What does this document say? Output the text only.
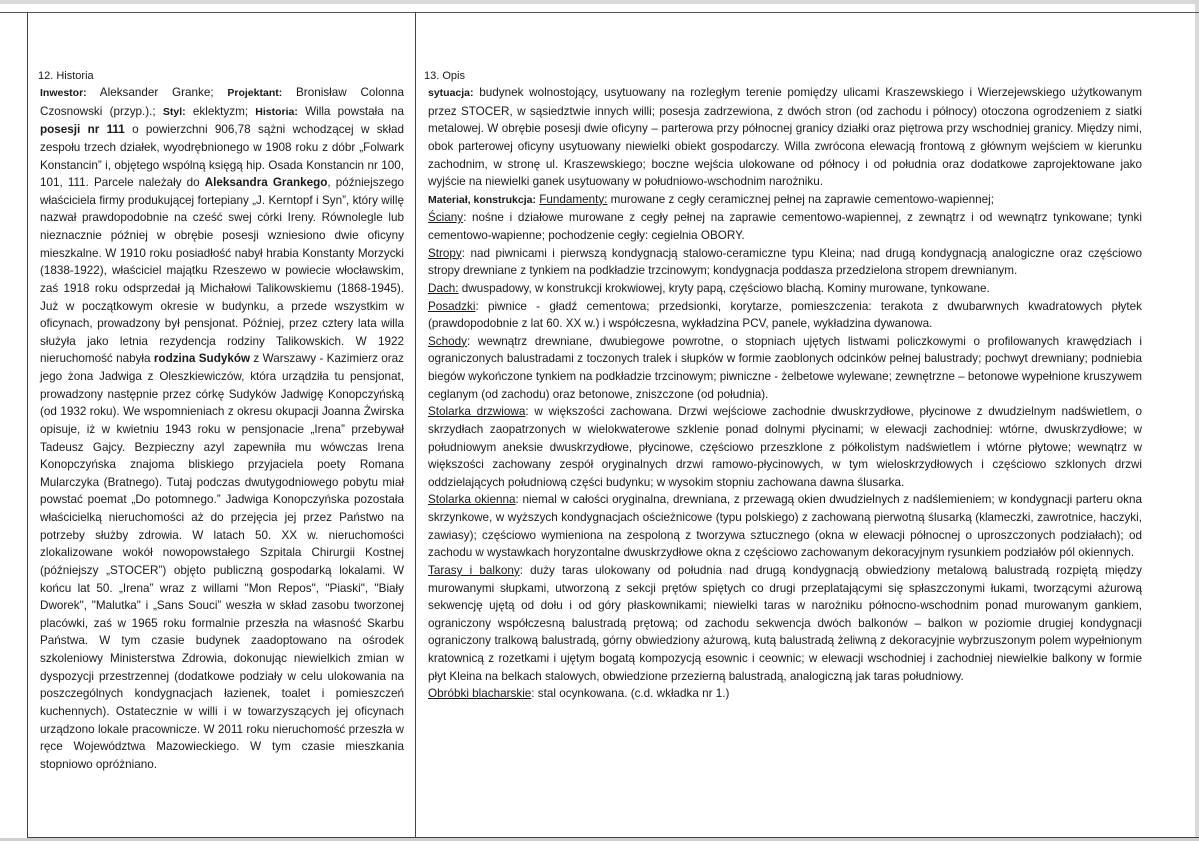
12. Historia

Inwestor: Aleksander Granke; Projektant: Bronisław Colonna Czosnowski (przyp.).; Styl: eklektyzm; Historia: Willa powstała na posesji nr 111 o powierzchni 906,78 sążni wchodzącej w skład zespołu trzech działek, wyodrębnionego w 1908 roku z dóbr „Folwark Konstancin” i, objętego wspólną księgą hip. Osada Konstancin nr 100, 101, 111. Parcele należały do Aleksandra Grankego, późniejszego właściciela firmy produkującej fortepiany „J. Kerntopf i Syn”, który willę nazwał prawdopodobnie na cześć swej córki Ireny. Równolegle lub nieznacznie później w obrębie posesji wzniesiono dwie oficyny mieszkalne. W 1910 roku posiadłość nabył hrabia Konstanty Morzycki (1838-1922), właściciel majątku Rzeszewo w powiecie włocławskim, zaś 1918 roku odsprzedał ją Michałowi Talikowskiemu (1868-1945). Już w początkowym okresie w budynku, a przede wszystkim w oficynach, prowadzony był pensjonat. Później, przez cztery lata willa służyła jako letnia rezydencja rodziny Talikowskich. W 1922 nieruchomość nabyła rodzina Sudyków z Warszawy - Kazimierz oraz jego żona Jadwiga z Oleszkiewiczów, która urządziła tu pensjonat, prowadzony następnie przez córkę Sudyków Jadwigę Konopczyńską (od 1932 roku). We wspomnieniach z okresu okupacji Joanna Żwirska opisuje, iż w kwietniu 1943 roku w pensjonacie „Irena” przebywał Tadeusz Gajcy. Bezpieczny azyl zapewniła mu wówczas Irena Konopczyńska znajoma bliskiego przyjaciela poety Romana Mularczyka (Bratnego). Tutaj podczas dwutygodniowego pobytu miał powstać poemat „Do potomnego.” Jadwiga Konopczyńska pozostała właścicielką nieruchomości aż do przejęcia jej przez Państwo na potrzeby służby zdrowia. W latach 50. XX w. nieruchomości zlokalizowane wokół nowopowstałego Szpitala Chirurgii Kostnej (późniejszy „STOCER”) objęto publiczną gospodarką lokalami. W końcu lat 50. „Irena” wraz z willami "Mon Repos", "Piaski", "Biały Dworek", "Malutka" i „Sans Souci” weszła w skład zasobu tworzonej placówki, zaś w 1965 roku formalnie przeszła na własność Skarbu Państwa. W tym czasie budynek zaadoptowano na ośrodek szkoleniowy Ministerstwa Zdrowia, dokonując niewielkich zmian w dyspozycji przestrzennej (dodatkowe podziały w celu ulokowania na poszczególnych kondygnacjach łazienek, toalet i pomieszczeń kuchennych). Ostatecznie w willi i w towarzyszących jej oficynach urządzono lokale pracownicze. W 2011 roku nieruchomość przeszła w ręce Województwa Mazowieckiego. W tym czasie mieszkania stopniowo opróżniano.

13. Opis

sytuacja: budynek wolnostojący, usytuowany na rozległym terenie pomiędzy ulicami Kraszewskiego i Wierzejewskiego użytkowanym przez STOCER, w sąsiedztwie innych willi; posesja zadrzewiona, z dwóch stron (od zachodu i północy) otoczona ogrodzeniem z siatki metalowej. W obrębie posesji dwie oficyny – parterowa przy północnej granicy działki oraz piętrowa przy wschodniej granicy. Między nimi, obok parterowej oficyny usytuowany niewielki obiekt gospodarczy. Willa zwrócona elewacją frontową z głównym wejściem w kierunku zachodnim, w stronę ul. Kraszewskiego; boczne wejścia ulokowane od północy i od południa oraz dodatkowe zaprojektowane jako wyjście na niewielki ganek usytuowany w południowo-wschodnim narożniku.

Materiał, konstrukcja: Fundamenty: murowane z cegły ceramicznej pełnej na zaprawie cementowo-wapiennej;

Ściany: nośne i działowe murowane z cegły pełnej na zaprawie cementowo-wapiennej, z zewnątrz i od wewnątrz tynkowane; tynki cementowo-wapienne; pochodzenie cegły: cegielnia OBORY.

Stropy: nad piwnicami i pierwszą kondygnacją stalowo-ceramiczne typu Kleina; nad drugą kondygnacją analogiczne oraz częściowo stropy drewniane z tynkiem na podkładzie trzcinowym; kondygnacja poddasza przedzielona stropem drewnianym.

Dach: dwuspadowy, w konstrukcji krokwiowej, kryty papą, częściowo blachą. Kominy murowane, tynkowane.

Posadzki: piwnice - gładź cementowa; przedsionki, korytarze, pomieszczenia: terakota z dwubarwnych kwadratowych płytek (prawdopodobnie z lat 60. XX w.) i współczesna, wykładzina PCV, panele, wykładzina dywanowa.

Schody: wewnątrz drewniane, dwubiegowe powrotne, o stopniach ujętych listwami policzkowymi o profilowanych krawędziach i ograniczonych balustradami z toczonych tralek i słupków w formie zaoblonych odcinków pełnej balustrady; pochwyt drewniany; podniebia biegów wykończone tynkiem na podkładzie trzcinowym; piwniczne - żelbetowe wylewane; zewnętrzne – betonowe wypełnione kruszywem ceglanym (od zachodu) oraz betonowe, zniszczone (od południa).

Stolarka drzwiowa: w większości zachowana. Drzwi wejściowe zachodnie dwuskrzydłowe, płycinowe z dwudzielnym nadświetlem, o skrzydłach zaopatrzonych w wielokwaterowe szklenie ponad dolnymi płycinami; w elewacji zachodniej: wtórne, dwuskrzydłowe; w południowym aneksie dwuskrzydłowe, płycinowe, częściowo przeszklone z półkolistym nadświetlem i wtórne płytowe; wewnątrz w większości zachowany zespół oryginalnych drzwi ramowo-płycinowych, w tym wieloskrzydłowych i częściowo szklonych drzwi oddzielających południową części budynku; w wysokim stopniu zachowana dawna ślusarka.

Stolarka okienna: niemal w całości oryginalna, drewniana, z przewagą okien dwudzielnych z nadślemieniem; w kondygnacji parteru okna skrzynkowe, w wyższych kondygnacjach ościeżnicowe (typu polskiego) z zachowaną pierwotną ślusarką (klameczki, zawrotnice, haczyki, zawiasy); częściowo wymieniona na zespoloną z tworzywa sztucznego (okna w elewacji północnej o uproszczonych podziałach); od zachodu w wystawkach horyzontalne dwuskrzydłowe okna z częściowo zachowanym dekoracyjnym rysunkiem podziałów pól okiennych.

Tarasy i balkony: duży taras ulokowany od południa nad drugą kondygnacją obwiedziony metalową balustradą rozpiętą między murowanymi słupkami, utworzoną z sekcji prętów spiętych co drugi przeplatającymi się spłaszczonymi łukami, tworzącymi ażurową sekwencję ujętą od dołu i od góry płaskownikami; niewielki taras w narożniku północno-wschodnim ponad murowanym gankiem, ograniczony współczesną balustradą prętową; od zachodu sekwencja dwóch balkonów – balkon w poziomie drugiej kondygnacji ograniczony tralkową balustradą, górny obwiedziony ażurową, kutą balustradą żeliwną z dekoracyjnie wybrzuszonym polem wypełnionym kratownicą z rozetkami i ujętym bogatą kompozycją esownic i ceownic; w elewacji wschodniej i zachodniej niewielkie balkony w formie płyt Kleina na belkach stalowych, obwiedzione przezierną balustradą, analogiczną jak taras południowy.

Obróbki blacharskie: stal ocynkowana. (c.d. wkładka nr 1.)
